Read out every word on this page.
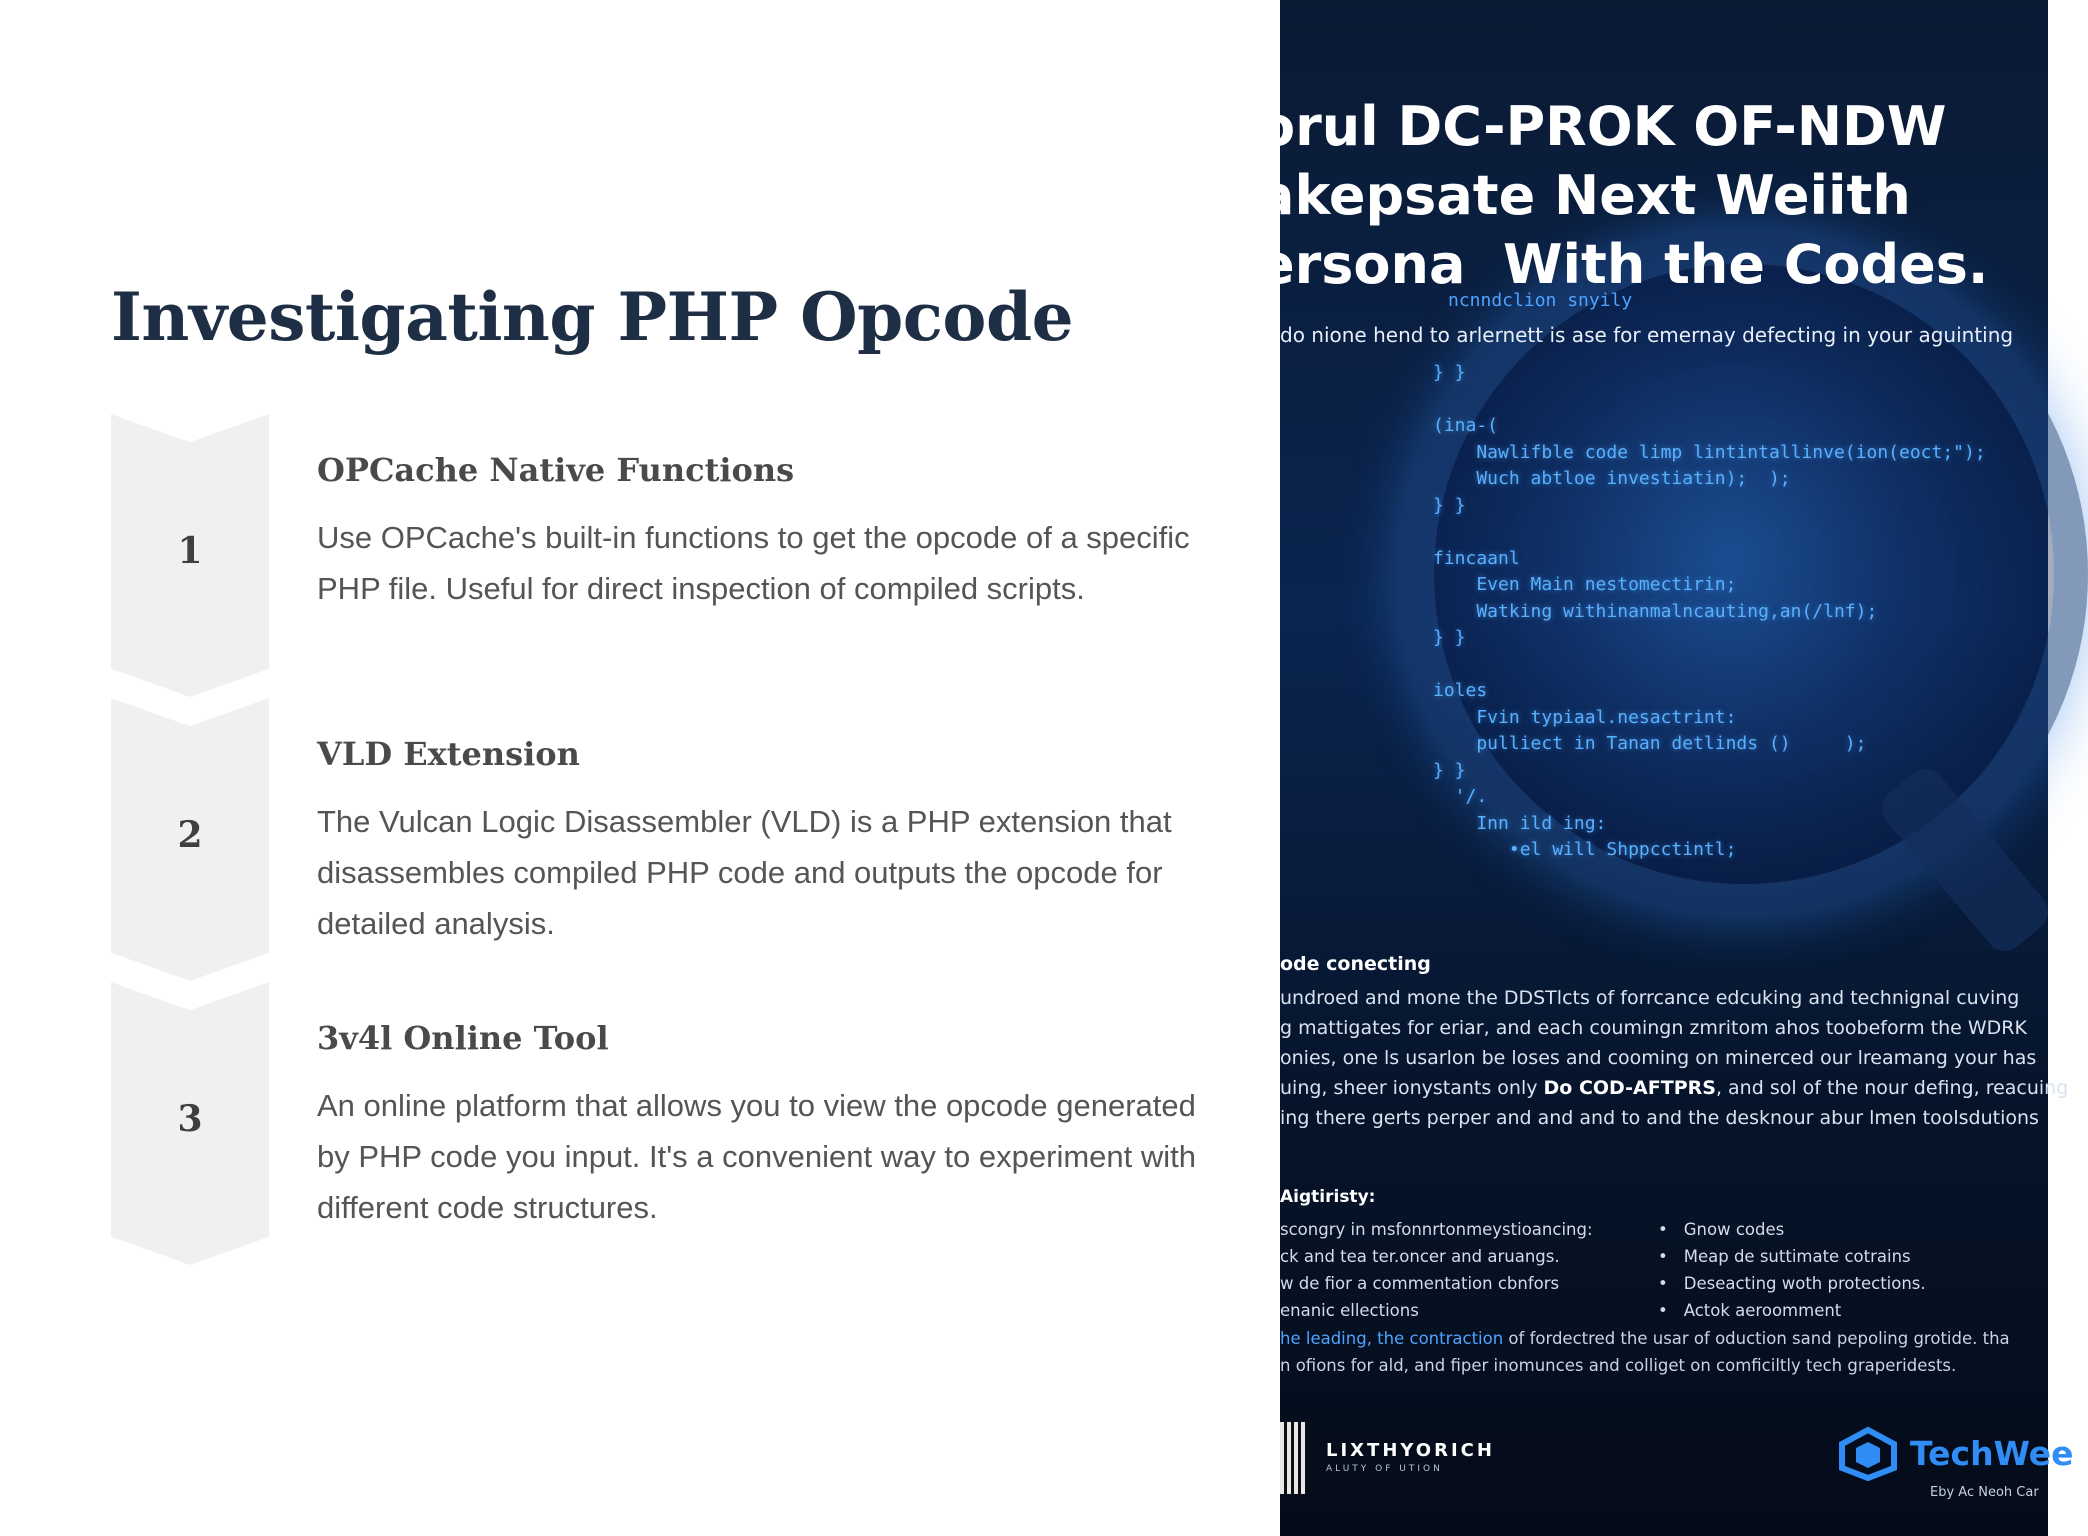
Investigating PHP Opcode
1
OPCache Native Functions

Use OPCache's built-in functions to get the opcode of a specific PHP file. Useful for direct inspection of compiled scripts.

2
VLD Extension

The Vulcan Logic Disassembler (VLD) is a PHP extension that disassembles compiled PHP code and outputs the opcode for detailed analysis.

3
3v4l Online Tool

An online platform that allows you to view the opcode generated by PHP code you input. It's a convenient way to experiment with different code structures.

orul DC-PROK OF-NDW
akepsate Next Weiith
ersona  With the Codes.
ncnndclion snyily
do nione hend to arlernett is ase for emernay defecting in your aguinting
} }

(ina-(
Nawlifble code limp lintintallinve(ion(eoct;");
Wuch abtloe investiatin);  );
} }

fincaanl
Even Main nestomectirin;
Watking withinanmalncauting,an(/lnf);
} }

ioles
Fvin typiaal.nesactrint:
pulliect in Tanan detlinds ()     );
} }
'/.
Inn ild ing:
•el will Shppcctintl;
ode conecting
undroed and mone the DDSTlcts of forrcance edcuking and technignal cuving
g mattigates for eriar, and each coumingn zmritom ahos toobeform the WDRK
onies, one ls usarlon be loses and cooming on minerced our lreamang your has
uing, sheer ionystants only Do COD-AFTPRS, and sol of the nour defing, reacuing
ing there gerts perper and and and to and the desknour abur lmen toolsdutions
Aigtiristy:
scongry in msfonnrtonmeystioancing:
ck and tea ter.oncer and aruangs.
w de fior a commentation cbnfors
enanic ellections
• Gnow codes
• Meap de suttimate cotrains
• Deseacting woth protections.
• Actok aeroomment
he leading, the contraction of fordectred the usar of oduction sand pepoling grotide. tha
n ofions for ald, and fiper inomunces and colliget on comficiltly tech graperidests.
LIXTHYORICH
ALUTY OF UTION	TechWee
Eby Ac Neoh Car
